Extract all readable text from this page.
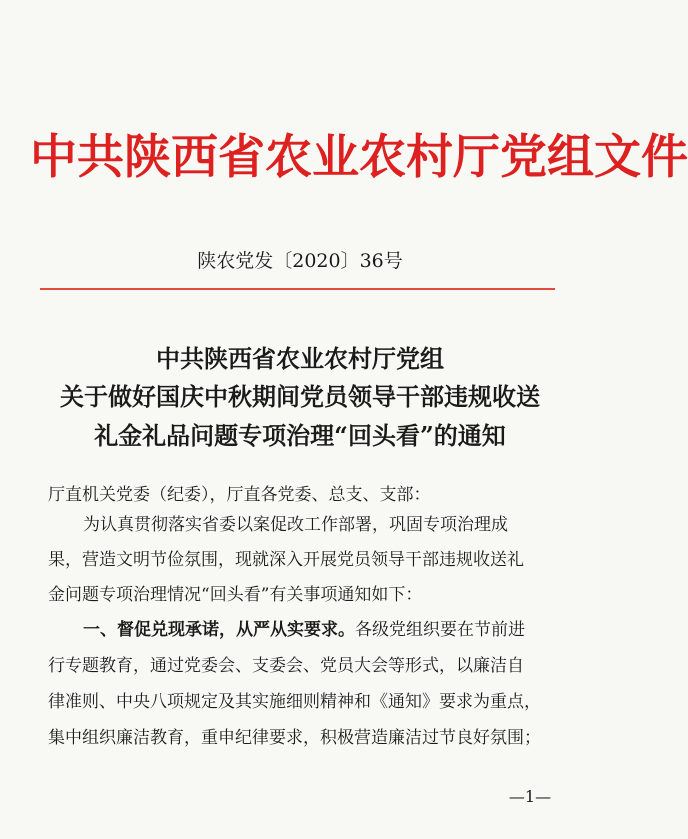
中共陕西省农业农村厅党组文件
陕农党发〔2020〕36号
中共陕西省农业农村厅党组
关于做好国庆中秋期间党员领导干部违规收送
礼金礼品问题专项治理“回头看”的通知
厅直机关党委（纪委），厅直各党委、总支、支部：
为认真贯彻落实省委以案促改工作部署，巩固专项治理成
果，营造文明节俭氛围，现就深入开展党员领导干部违规收送礼
金问题专项治理情况“回头看”有关事项通知如下：
一、督促兑现承诺，从严从实要求。各级党组织要在节前进
行专题教育，通过党委会、支委会、党员大会等形式，以廉洁自
律准则、中央八项规定及其实施细则精神和《通知》要求为重点，
集中组织廉洁教育，重申纪律要求，积极营造廉洁过节良好氛围；
—1—
